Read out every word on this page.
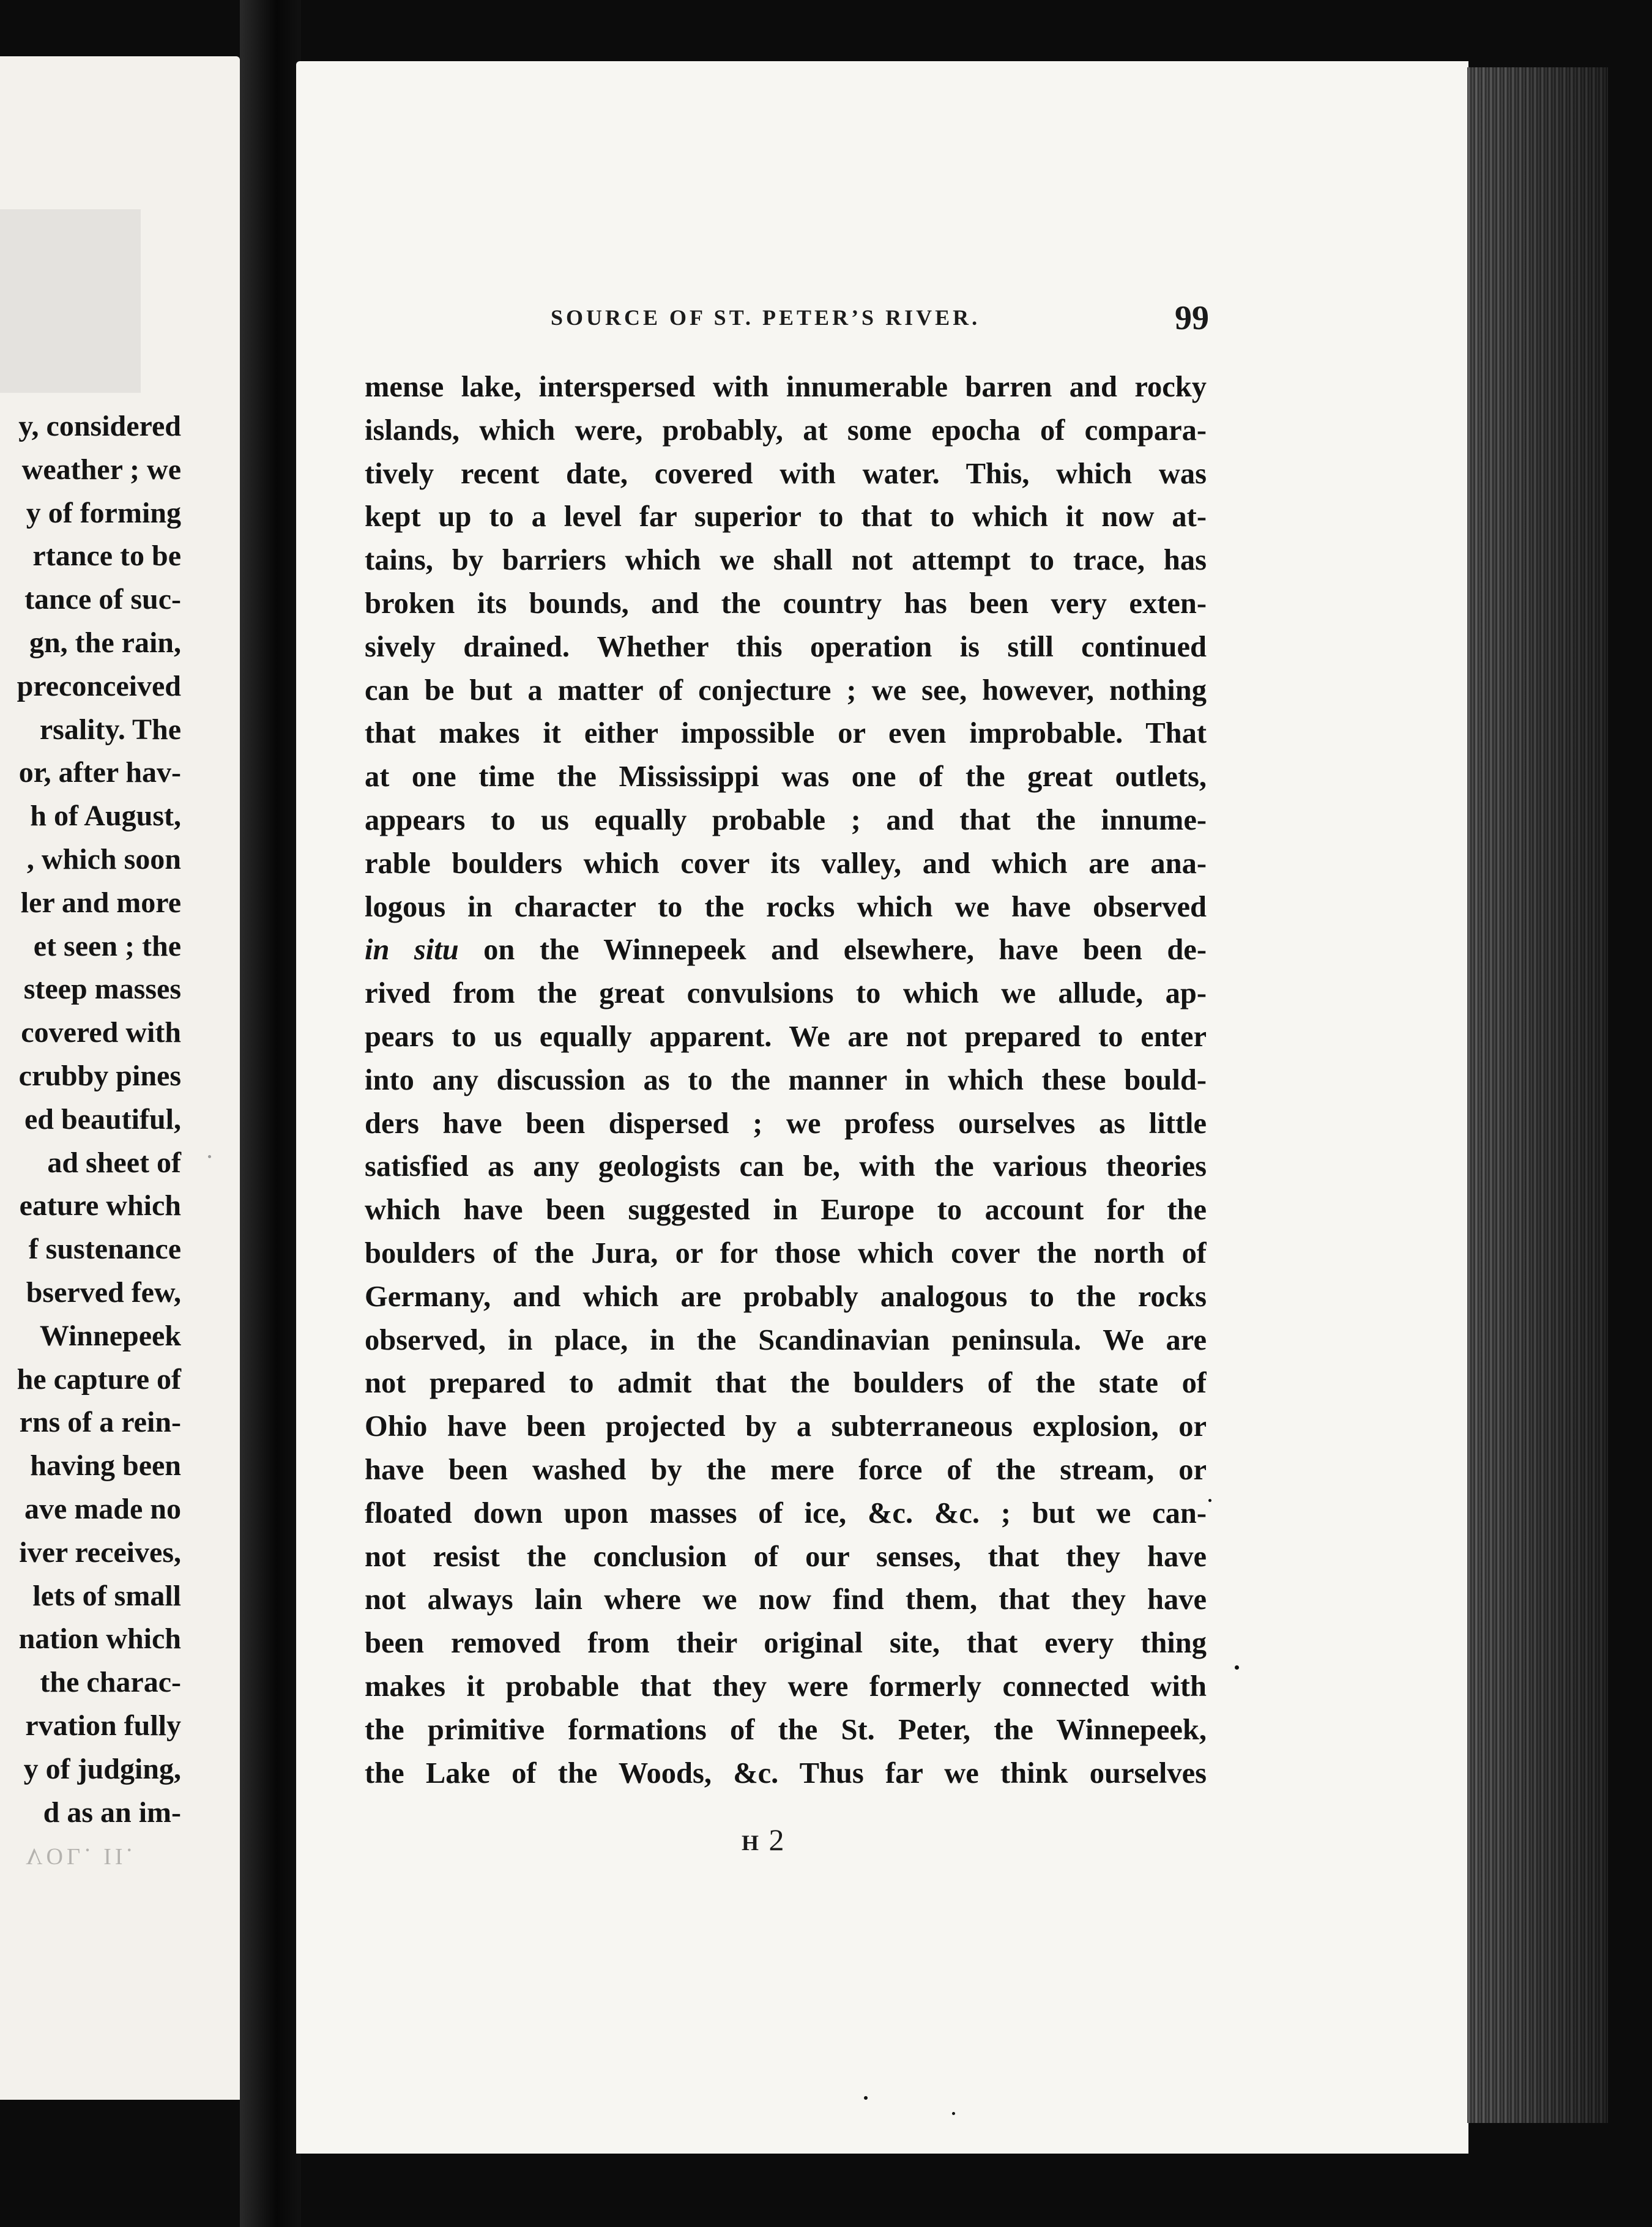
y, considered
weather ; we
y of forming
rtance to be
tance of suc-
gn, the rain,
preconceived
rsality. The
or, after hav-
h of August,
, which soon
ler and more
et seen ; the
steep masses
covered with
crubby pines
ed beautiful,
ad sheet of
eature which
f sustenance
bserved few,
Winnepeek
he capture of
rns of a rein-
having been
ave made no
iver receives,
lets of small
nation which
the charac-
rvation fully
y of judging,
d as an im-
VOL. II.
SOURCE OF ST. PETER’S RIVER.	99
mense lake, interspersed with innumerable barren and rocky
islands, which were, probably, at some epocha of compara-
tively recent date, covered with water. This, which was
kept up to a level far superior to that to which it now at-
tains, by barriers which we shall not attempt to trace, has
broken its bounds, and the country has been very exten-
sively drained. Whether this operation is still continued
can be but a matter of conjecture ; we see, however, nothing
that makes it either impossible or even improbable. That
at one time the Mississippi was one of the great outlets,
appears to us equally probable ; and that the innume-
rable boulders which cover its valley, and which are ana-
logous in character to the rocks which we have observed
in situ on the Winnepeek and elsewhere, have been de-
rived from the great convulsions to which we allude, ap-
pears to us equally apparent. We are not prepared to enter
into any discussion as to the manner in which these bould-
ders have been dispersed ; we profess ourselves as little
satisfied as any geologists can be, with the various theories
which have been suggested in Europe to account for the
boulders of the Jura, or for those which cover the north of
Germany, and which are probably analogous to the rocks
observed, in place, in the Scandinavian peninsula. We are
not prepared to admit that the boulders of the state of
Ohio have been projected by a subterraneous explosion, or
have been washed by the mere force of the stream, or
floated down upon masses of ice, &c. &c. ; but we can-
not resist the conclusion of our senses, that they have
not always lain where we now find them, that they have
been removed from their original site, that every thing
makes it probable that they were formerly connected with
the primitive formations of the St. Peter, the Winnepeek,
the Lake of the Woods, &c. Thus far we think ourselves
H 2
